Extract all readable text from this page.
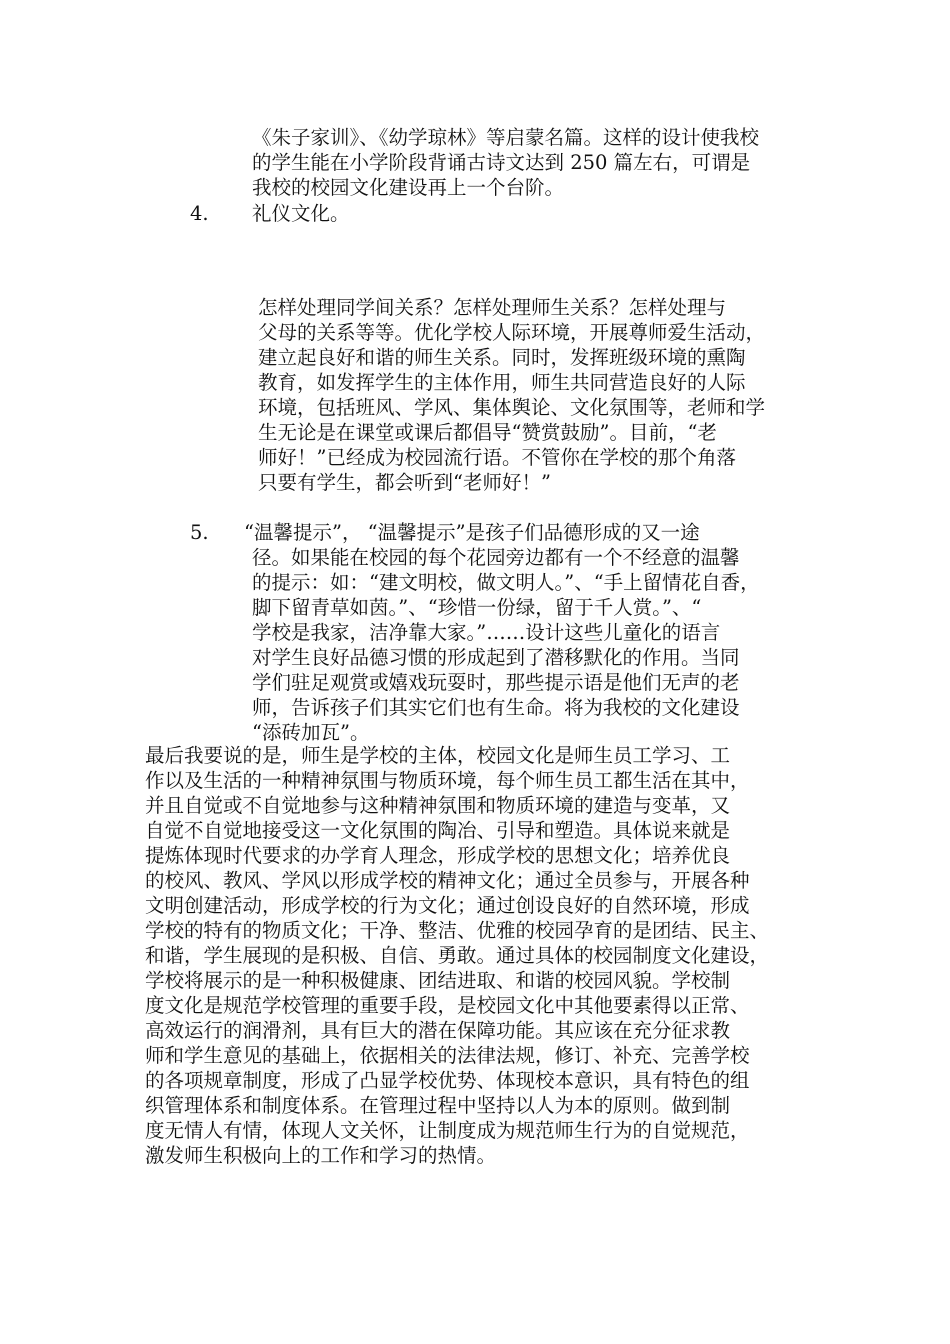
《朱子家训》、《幼学琼林》等启蒙名篇。这样的设计使我校
的学生能在小学阶段背诵古诗文达到 250 篇左右，可谓是
我校的校园文化建设再上一个台阶。
4. 礼仪文化。
怎样处理同学间关系？怎样处理师生关系？怎样处理与
父母的关系等等。优化学校人际环境，开展尊师爱生活动，
建立起良好和谐的师生关系。同时，发挥班级环境的熏陶
教育，如发挥学生的主体作用，师生共同营造良好的人际
环境，包括班风、学风、集体舆论、文化氛围等，老师和学
生无论是在课堂或课后都倡导“赞赏鼓励”。目前，“老
师好！”已经成为校园流行语。不管你在学校的那个角落
只要有学生，都会听到“老师好！”
5. “温馨提示”， “温馨提示”是孩子们品德形成的又一途
径。如果能在校园的每个花园旁边都有一个不经意的温馨
的提示：如：“建文明校，做文明人。”、“手上留情花自香，
脚下留青草如茵。”、“珍惜一份绿，留于千人赏。”、“
学校是我家，洁净靠大家。”……设计这些儿童化的语言
对学生良好品德习惯的形成起到了潜移默化的作用。当同
学们驻足观赏或嬉戏玩耍时，那些提示语是他们无声的老
师，告诉孩子们其实它们也有生命。将为我校的文化建设
“添砖加瓦”。
最后我要说的是，师生是学校的主体，校园文化是师生员工学习、工
作以及生活的一种精神氛围与物质环境，每个师生员工都生活在其中，
并且自觉或不自觉地参与这种精神氛围和物质环境的建造与变革，又
自觉不自觉地接受这一文化氛围的陶冶、引导和塑造。具体说来就是
提炼体现时代要求的办学育人理念，形成学校的思想文化；培养优良
的校风、教风、学风以形成学校的精神文化；通过全员参与，开展各种
文明创建活动，形成学校的行为文化；通过创设良好的自然环境，形成
学校的特有的物质文化；干净、整洁、优雅的校园孕育的是团结、民主、
和谐，学生展现的是积极、自信、勇敢。通过具体的校园制度文化建设，
学校将展示的是一种积极健康、团结进取、和谐的校园风貌。学校制
度文化是规范学校管理的重要手段，是校园文化中其他要素得以正常、
高效运行的润滑剂，具有巨大的潜在保障功能。其应该在充分征求教
师和学生意见的基础上，依据相关的法律法规，修订、补充、完善学校
的各项规章制度，形成了凸显学校优势、体现校本意识，具有特色的组
织管理体系和制度体系。在管理过程中坚持以人为本的原则。做到制
度无情人有情，体现人文关怀，让制度成为规范师生行为的自觉规范，
激发师生积极向上的工作和学习的热情。
